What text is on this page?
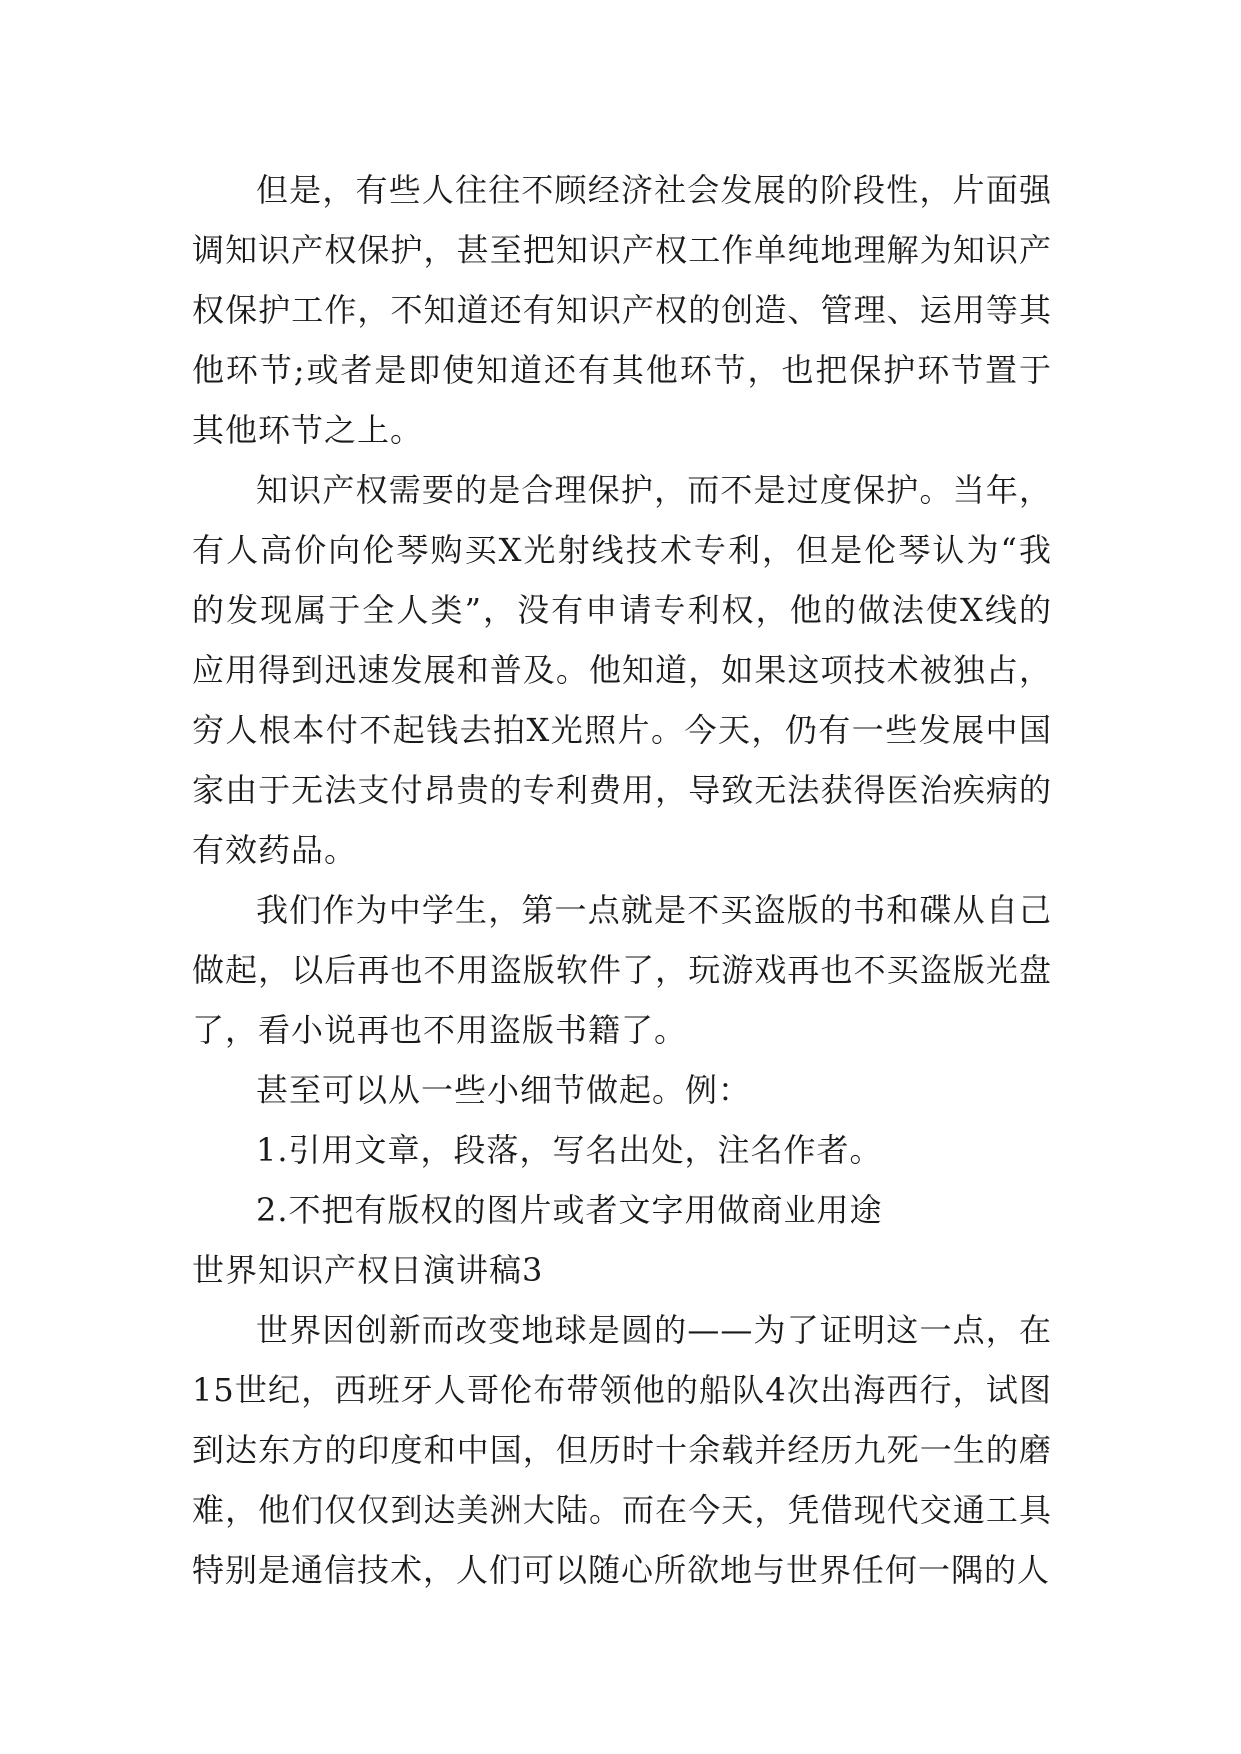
但是，有些人往往不顾经济社会发展的阶段性，片面强调知识产权保护，甚至把知识产权工作单纯地理解为知识产权保护工作，不知道还有知识产权的创造、管理、运用等其他环节;或者是即使知道还有其他环节，也把保护环节置于其他环节之上。

知识产权需要的是合理保护，而不是过度保护。当年，有人高价向伦琴购买X光射线技术专利，但是伦琴认为“我的发现属于全人类”，没有申请专利权，他的做法使X线的应用得到迅速发展和普及。他知道，如果这项技术被独占，穷人根本付不起钱去拍X光照片。今天，仍有一些发展中国家由于无法支付昂贵的专利费用，导致无法获得医治疾病的有效药品。

我们作为中学生，第一点就是不买盗版的书和碟从自己做起，以后再也不用盗版软件了，玩游戏再也不买盗版光盘了，看小说再也不用盗版书籍了。

甚至可以从一些小细节做起。例：

1.引用文章，段落，写名出处，注名作者。

2.不把有版权的图片或者文字用做商业用途

世界知识产权日演讲稿3

世界因创新而改变地球是圆的——为了证明这一点，在15世纪，西班牙人哥伦布带领他的船队4次出海西行，试图到达东方的印度和中国，但历时十余载并经历九死一生的磨难，他们仅仅到达美洲大陆。而在今天，凭借现代交通工具特别是通信技术，人们可以随心所欲地与世界任何一隅的人
